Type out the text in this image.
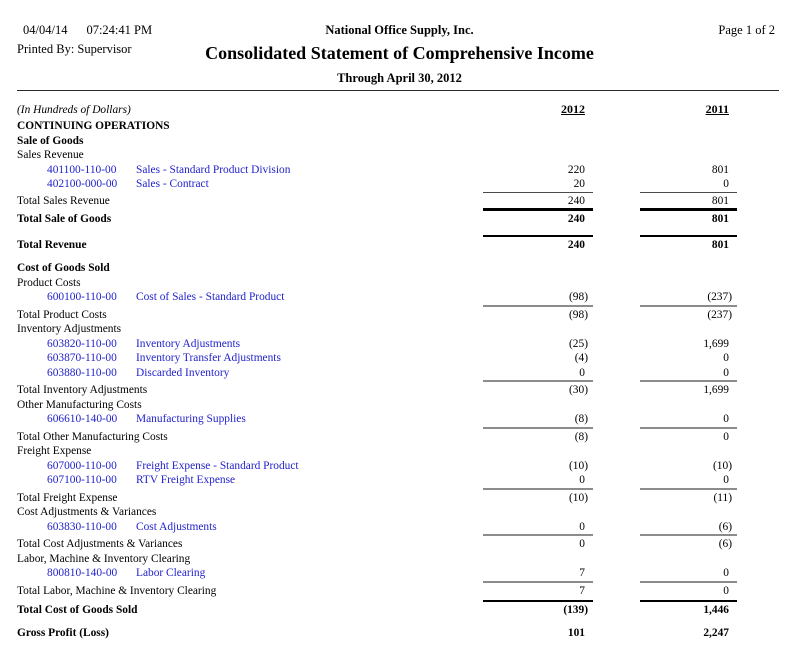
04/04/14 07:24:41 PM
Printed By: Supervisor
National Office Supply, Inc.
Consolidated Statement of Comprehensive Income
Through April 30, 2012
Page 1 of 2
(In Hundreds of Dollars)	2012	2011
CONTINUING OPERATIONS
Sale of Goods
Sales Revenue
401100-110-00 Sales - Standard Product Division	220	801
402100-000-00 Sales - Contract	20	0
Total Sales Revenue	240	801
Total Sale of Goods	240	801
Total Revenue	240	801
Cost of Goods Sold
Product Costs
600100-110-00 Cost of Sales - Standard Product	(98)	(237)
Total Product Costs	(98)	(237)
Inventory Adjustments
603820-110-00 Inventory Adjustments	(25)	1,699
603870-110-00 Inventory Transfer Adjustments	(4)	0
603880-110-00 Discarded Inventory	0	0
Total Inventory Adjustments	(30)	1,699
Other Manufacturing Costs
606610-140-00 Manufacturing Supplies	(8)	0
Total Other Manufacturing Costs	(8)	0
Freight Expense
607000-110-00 Freight Expense - Standard Product	(10)	(10)
607100-110-00 RTV Freight Expense	0	0
Total Freight Expense	(10)	(11)
Cost Adjustments & Variances
603830-110-00 Cost Adjustments	0	(6)
Total Cost Adjustments & Variances	0	(6)
Labor, Machine & Inventory Clearing
800810-140-00 Labor Clearing	7	0
Total Labor, Machine & Inventory Clearing	7	0
Total Cost of Goods Sold	(139)	1,446
Gross Profit (Loss)	101	2,247
